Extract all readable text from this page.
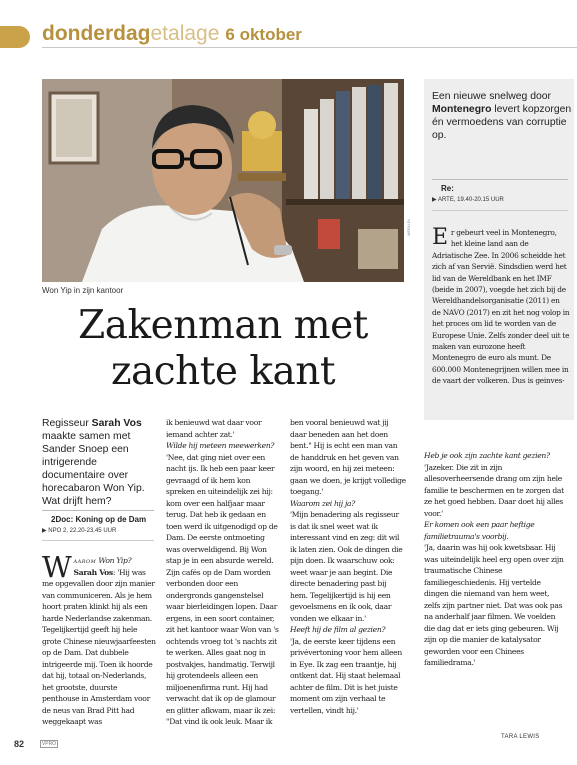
donderdagetalage 6 oktober
MERLIJN
Won Yip in zijn kantoor
Zakenman met
zachte kant
Een nieuwe snelweg door Montenegro levert kopzorgen én vermoedens van corruptie op.
Re:
▶ ARTE, 19.40-20.15 UUR
Er gebeurt veel in Montenegro, het kleine land aan de Adriatische Zee. In 2006 scheidde het zich af van Servië. Sindsdien werd het lid van de Wereldbank en het IMF (beide in 2007), voegde het zich bij de Wereldhandelsorganisatie (2011) en de NAVO (2017) en zit het nog volop in het proces om lid te worden van de Europese Unie. Zelfs zonder deel uit te maken van eurozone heeft Montenegro de euro als munt. De 600.000 Montenegrijnen willen mee in de vaart der volkeren. Dus is geinves-
Regisseur Sarah Vos maakte samen met Sander Snoep een intrigerende documentaire over horecabaron Won Yip. Wat drijft hem?
2Doc: Koning op de Dam
▶ NPO 2, 22.20-23.45 UUR
Waarom Won Yip?
Sarah Vos: 'Hij was me opgevallen door zijn manier van communiceren. Als je hem hoort praten klinkt hij als een harde Nederlandse zakenman. Tegelijkertijd geeft hij hele grote Chinese nieuwjaarfeesten op de Dam. Dat dubbele intrigeerde mij. Toen ik hoorde dat hij, totaal on-Nederlands, het grootste, duurste penthouse in Amsterdam voor de neus van Brad Pitt had weggekaapt was
ik benieuwd wat daar voor iemand achter zat.'
Wilde hij meteen meewerken?
'Nee, dat ging niet over een nacht ijs. Ik heb een paar keer gevraagd of ik hem kon spreken en uiteindelijk zei hij: kom over een halfjaar maar terug. Dat heb ik gedaan en toen werd ik uitgenodigd op de Dam. De eerste ontmoeting was overweldigend. Bij Won stap je in een absurde wereld. Zijn cafés op de Dam worden verbonden door een ondergronds gangenstelsel waar bierleidingen lopen. Daar ergens, in een soort container, zit het kantoor waar Won van 's ochtends vroeg tot 's nachts zit te werken. Alles gaat nog in postvakjes, handmatig. Terwijl hij grotendeels alleen een miljoenenfirma runt. Hij had verwacht dat ik op de glamour en glitter afkwam, maar ik zei: "Dat vind ik ook leuk. Maar ik
ben vooral benieuwd wat jij daar beneden aan het doen bent." Hij is echt een man van de handdruk en het geven van zijn woord, en hij zei meteen: gaan we doen, je krijgt volledige toegang.'
Waarom zei hij ja?
'Mijn benadering als regisseur is dat ik snel weet wat ik interessant vind en zeg: dit wil ik laten zien. Ook de dingen die pijn doen. Ik waarschuw ook: weet waar je aan begint. Die directe benadering past bij hem. Tegelijkertijd is hij een gevoelsmens en ik ook, daar vonden we elkaar in.'
Heeft hij de film al gezien?
'Ja, de eerste keer tijdens een privévertoning voor hem alleen in Eye. Ik zag een traantje, hij ontkent dat. Hij staat helemaal achter de film. Dit is het juiste moment om zijn verhaal te vertellen, vindt hij.'
Heb je ook zijn zachte kant gezien?
'Jazeker. Die zit in zijn allesoverheersende drang om zijn hele familie te beschermen en te zorgen dat ze het goed hebben. Daar doet hij alles voor.'
Er komen ook een paar heftige familietrauma's voorbij.
'Ja, daarin was hij ook kwetsbaar. Hij was uiteindelijk heel erg open over zijn traumatische Chinese familiegeschiedenis. Hij vertelde dingen die niemand van hem weet, zelfs zijn partner niet. Dat was ook pas na anderhalf jaar filmen. We voelden die dag dat er iets ging gebeuren. Wij zijn op die manier de katalysator geworden voor een Chinees familiedrama.'
TARA LEWIS
82	VPRO
